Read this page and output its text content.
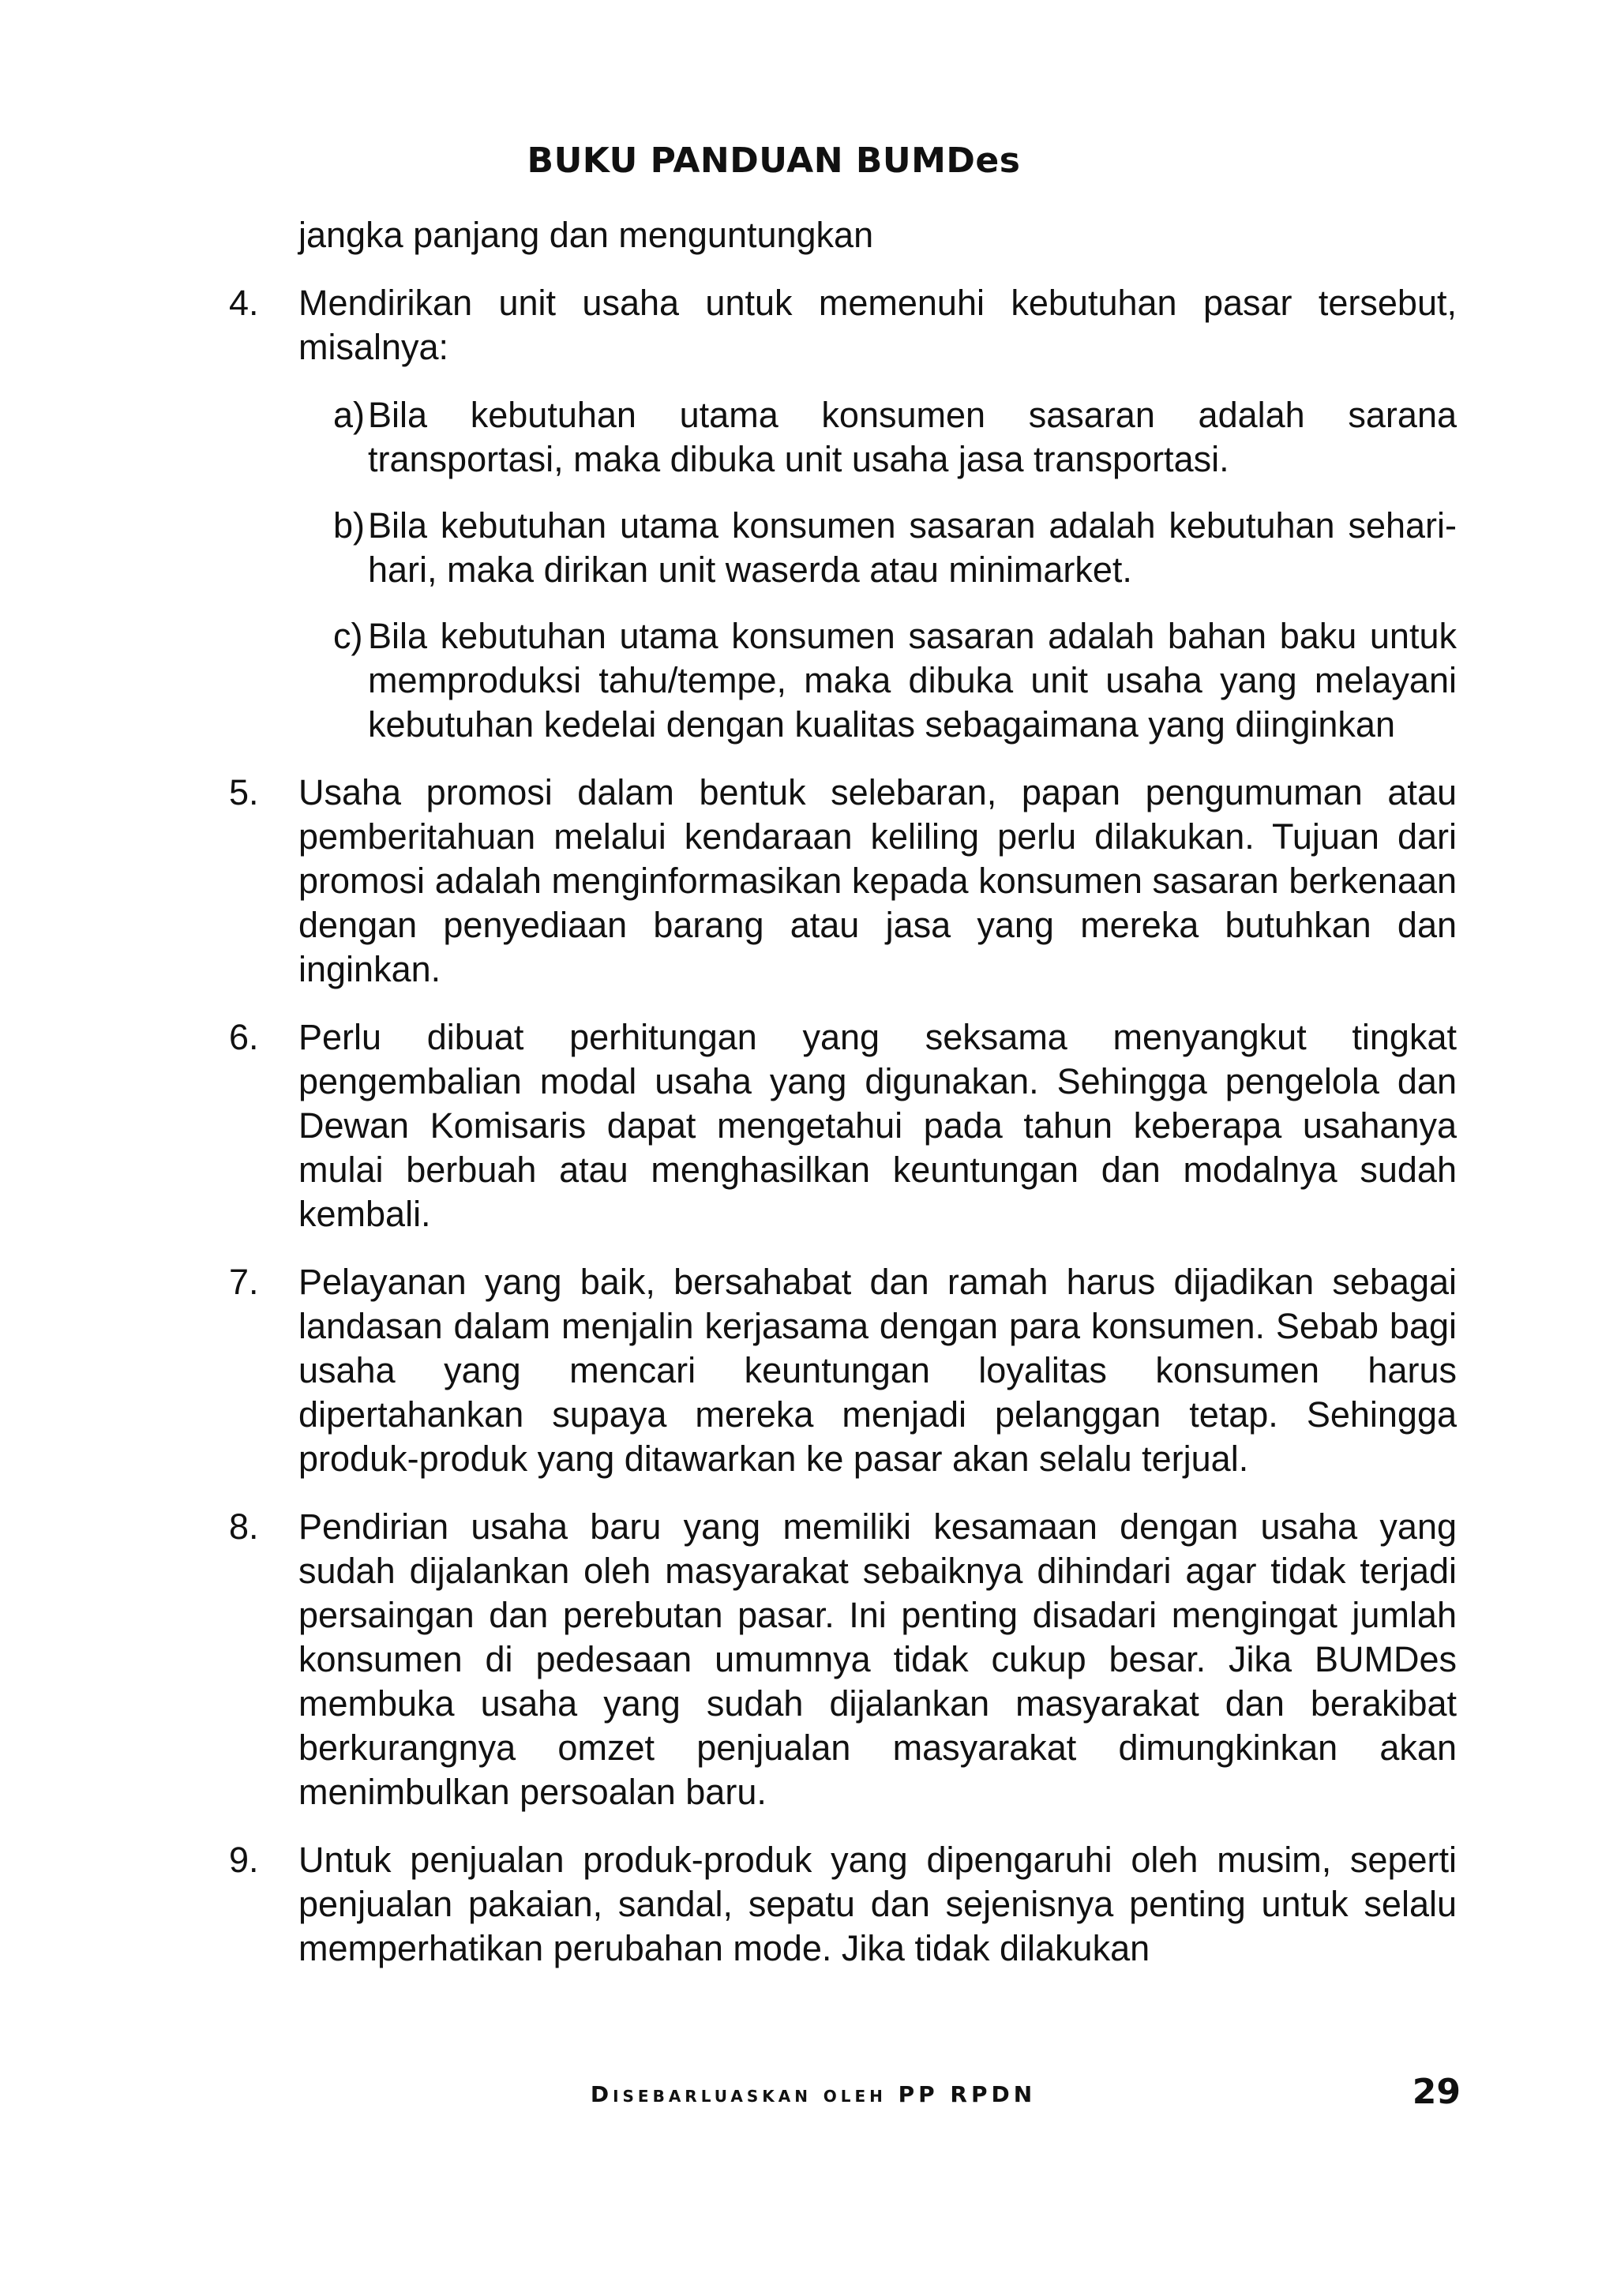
BUKU PANDUAN BUMDes
jangka panjang dan menguntungkan
4.	Mendirikan unit usaha untuk memenuhi kebutuhan pasar tersebut, misalnya:

a) Bila kebutuhan utama konsumen sasaran adalah sarana transportasi, maka dibuka unit usaha jasa transportasi.
b) Bila kebutuhan utama konsumen sasaran adalah kebutuhan sehari-hari, maka dirikan unit waserda atau minimarket.
c) Bila kebutuhan utama konsumen sasaran adalah bahan baku untuk memproduksi tahu/tempe, maka dibuka unit usaha yang melayani kebutuhan kedelai dengan kualitas sebagaimana yang diinginkan
5.	Usaha promosi dalam bentuk selebaran, papan pengumuman atau pemberitahuan melalui kendaraan keliling perlu dilakukan. Tujuan dari promosi adalah menginformasikan kepada konsumen sasaran berkenaan dengan penyediaan barang atau jasa yang mereka butuhkan dan inginkan.
6.	Perlu dibuat perhitungan yang seksama menyangkut tingkat pengembalian modal usaha yang digunakan. Sehingga pengelola dan Dewan Komisaris dapat mengetahui pada tahun keberapa usahanya mulai berbuah atau menghasilkan keuntungan dan modalnya sudah kembali.
7.	Pelayanan yang baik, bersahabat dan ramah harus dijadikan sebagai landasan dalam menjalin kerjasama dengan para konsumen. Sebab bagi usaha yang mencari keuntungan loyalitas konsumen harus dipertahankan supaya mereka menjadi pelanggan tetap. Sehingga produk-produk yang ditawarkan ke pasar akan selalu terjual.
8.	Pendirian usaha baru yang memiliki kesamaan dengan usaha yang sudah dijalankan oleh masyarakat sebaiknya dihindari agar tidak terjadi persaingan dan perebutan pasar. Ini penting disadari mengingat jumlah konsumen di pedesaan umumnya tidak cukup besar. Jika BUMDes membuka usaha yang sudah dijalankan masyarakat dan berakibat berkurangnya omzet penjualan masyarakat dimungkinkan akan menimbulkan persoalan baru.
9.	Untuk penjualan produk-produk yang dipengaruhi oleh musim, seperti penjualan pakaian, sandal, sepatu dan sejenisnya penting untuk selalu memperhatikan perubahan mode. Jika tidak dilakukan
Disebarluaskan oleh PP RPDN	29
